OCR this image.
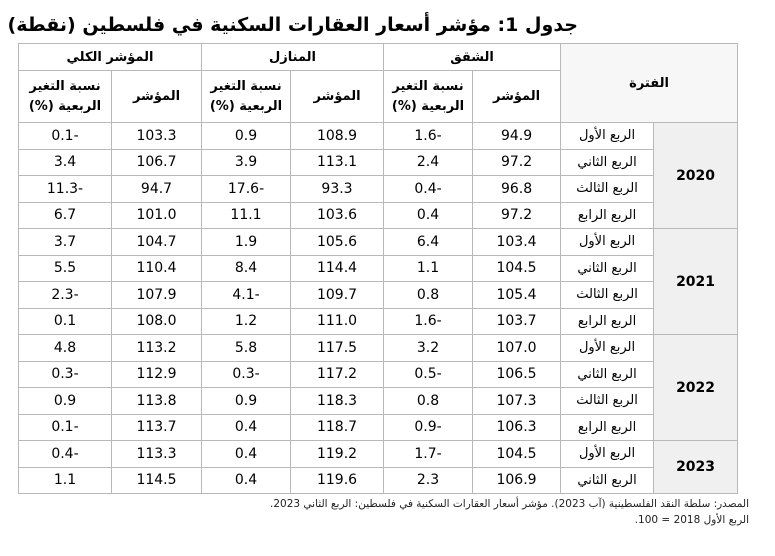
جدول 1: مؤشر أسعار العقارات السكنية في فلسطين (نقطة)
الفترة		الشقق		المنازل		المؤشر الكلي	
		المؤشر	نسبة التغير الربعية (%)	المؤشر	نسبة التغير الربعية (%)	المؤشر	نسبة التغير الربعية (%)
2020	الربع الأول	94.9	-1.6	108.9	0.9	103.3	-0.1
	الربع الثاني	97.2	2.4	113.1	3.9	106.7	3.4
	الربع الثالث	96.8	-0.4	93.3	-17.6	94.7	-11.3
	الربع الرابع	97.2	0.4	103.6	11.1	101.0	6.7
2021	الربع الأول	103.4	6.4	105.6	1.9	104.7	3.7
	الربع الثاني	104.5	1.1	114.4	8.4	110.4	5.5
	الربع الثالث	105.4	0.8	109.7	-4.1	107.9	-2.3
	الربع الرابع	103.7	-1.6	111.0	1.2	108.0	0.1
2022	الربع الأول	107.0	3.2	117.5	5.8	113.2	4.8
	الربع الثاني	106.5	-0.5	117.2	-0.3	112.9	-0.3
	الربع الثالث	107.3	0.8	118.3	0.9	113.8	0.9
	الربع الرابع	106.3	-0.9	118.7	0.4	113.7	-0.1
2023	الربع الأول	104.5	-1.7	119.2	0.4	113.3	-0.4
	الربع الثاني	106.9	2.3	119.6	0.4	114.5	1.1
المصدر: سلطة النقد الفلسطينية (آب 2023). مؤشر أسعار العقارات السكنية في فلسطين: الربع الثاني 2023.
الربع الأول 2018 = 100.
